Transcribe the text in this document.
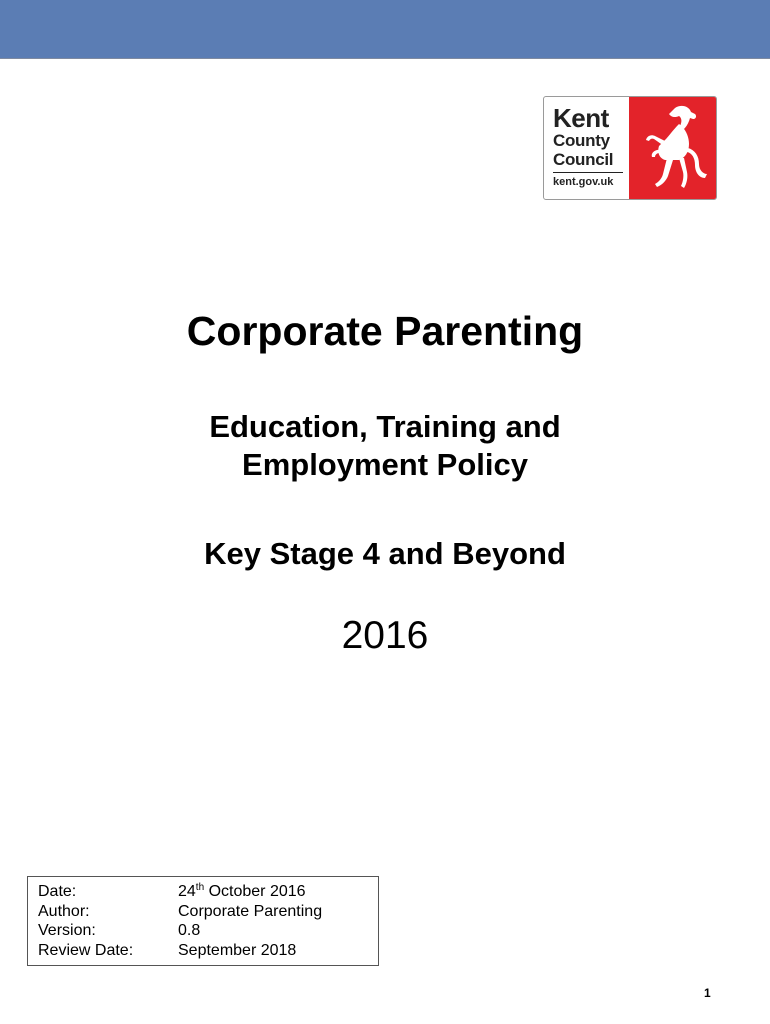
Kent
County
Council
kent.gov.uk
Corporate Parenting
Education, Training and
Employment Policy
Key Stage 4 and Beyond
2016
Date:	24th October 2016
Author:	Corporate Parenting
Version:	0.8
Review Date:	September 2018
1
